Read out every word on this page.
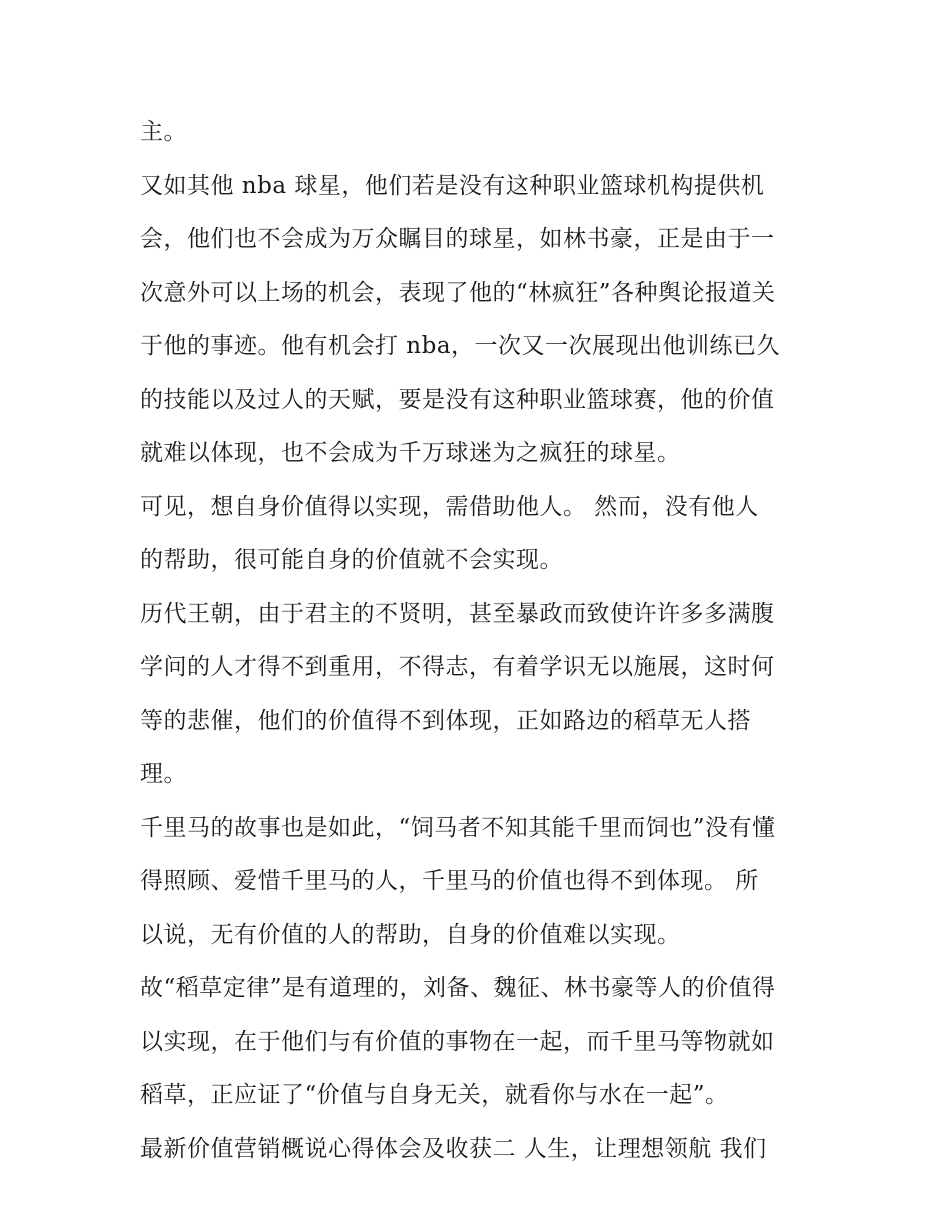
主。
又如其他 nba 球星，他们若是没有这种职业篮球机构提供机
会，他们也不会成为万众瞩目的球星，如林书豪，正是由于一
次意外可以上场的机会，表现了他的“林疯狂”各种舆论报道关
于他的事迹。他有机会打 nba，一次又一次展现出他训练已久
的技能以及过人的天赋，要是没有这种职业篮球赛，他的价值
就难以体现，也不会成为千万球迷为之疯狂的球星。
可见，想自身价值得以实现，需借助他人。 然而，没有他人
的帮助，很可能自身的价值就不会实现。
历代王朝，由于君主的不贤明，甚至暴政而致使许许多多满腹
学问的人才得不到重用，不得志，有着学识无以施展，这时何
等的悲催，他们的价值得不到体现，正如路边的稻草无人搭
理。
千里马的故事也是如此，“饲马者不知其能千里而饲也”没有懂
得照顾、爱惜千里马的人，千里马的价值也得不到体现。 所
以说，无有价值的人的帮助，自身的价值难以实现。
故“稻草定律”是有道理的，刘备、魏征、林书豪等人的价值得
以实现，在于他们与有价值的事物在一起，而千里马等物就如
稻草，正应证了“价值与自身无关，就看你与水在一起”。
最新价值营销概说心得体会及收获二 人生，让理想领航 我们
